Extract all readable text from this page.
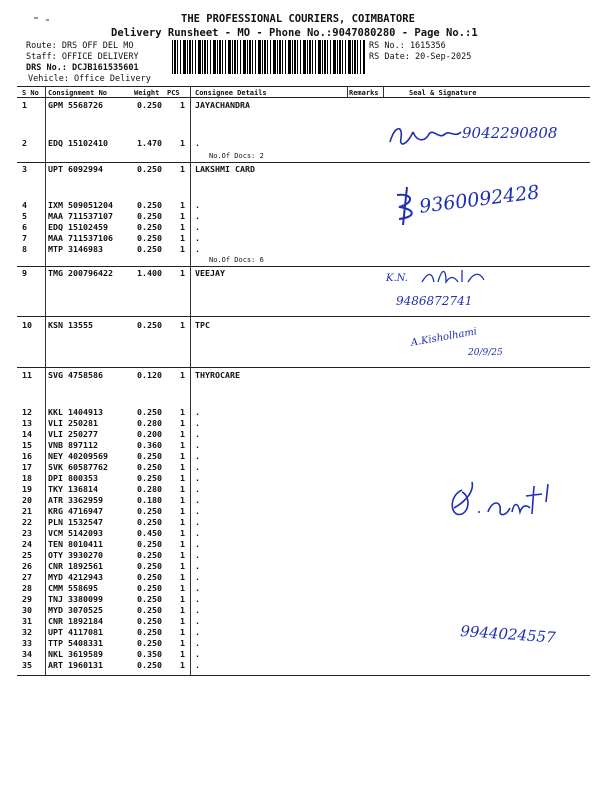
THE PROFESSIONAL COURIERS, COIMBATORE
Delivery Runsheet - MO - Phone No.:9047080280 - Page No.:1
Route: DRS OFF DEL MO
Staff: OFFICE DELIVERY
DRS No.: DCJB161535601
Vehicle: Office Delivery
RS No.: 1615356
RS Date: 20-Sep-2025
S No Consignment No	Weight PCS Consignee Details	Remarks	Seal & Signature
1	GPM 5568726	0.250 1 JAYACHANDRA
2	EDQ 15102410	1.470 1 .
3	UPT 6092994	0.250 1 LAKSHMI CARD
4	IXM 509051204	0.250 1 .
5	MAA 711537107	0.250 1 .
6	EDQ 15102459	0.250 1 .
7	MAA 711537106	0.250 1 .
8	MTP 3146983	0.250 1 .
9	TMG 200796422	1.400 1 VEEJAY
10 KSN 13555	0.250 1 TPC
11 SVG 4758586	0.120 1 THYROCARE
12 KKL 1404913	0.250 1 .
13 VLI 250281	0.280 1 .
14 VLI 250277	0.200 1 .
15 VNB 897112	0.360 1 .
16 NEY 40209569	0.250 1 .
17 SVK 60587762	0.250 1 .
18 DPI 800353	0.250 1 .
19 TKY 136814	0.280 1 .
20 ATR 3362959	0.180 1 .
21 KRG 4716947	0.250 1 .
22 PLN 1532547	0.250 1 .
23 VCM 5142093	0.450 1 .
24 TEN 8010411	0.250 1 .
25 OTY 3930270	0.250 1 .
26 CNR 1892561	0.250 1 .
27 MYD 4212943	0.250 1 .
28 CMM 558695	0.250 1 .
29 TNJ 3380099	0.250 1 .
30 MYD 3070525	0.250 1 .
31 CNR 1892184	0.250 1 .
32 UPT 4117081	0.250 1 .
33 TTP 5408331	0.250 1 .
34 NKL 3619589	0.350 1 .
35 ART 1960131	0.250 1 .
No.Of Docs: 2
No.Of Docs: 6
9042290808
9360092428
K.N.
9486872741
A.Kisholhami
20/9/25
9944024557
